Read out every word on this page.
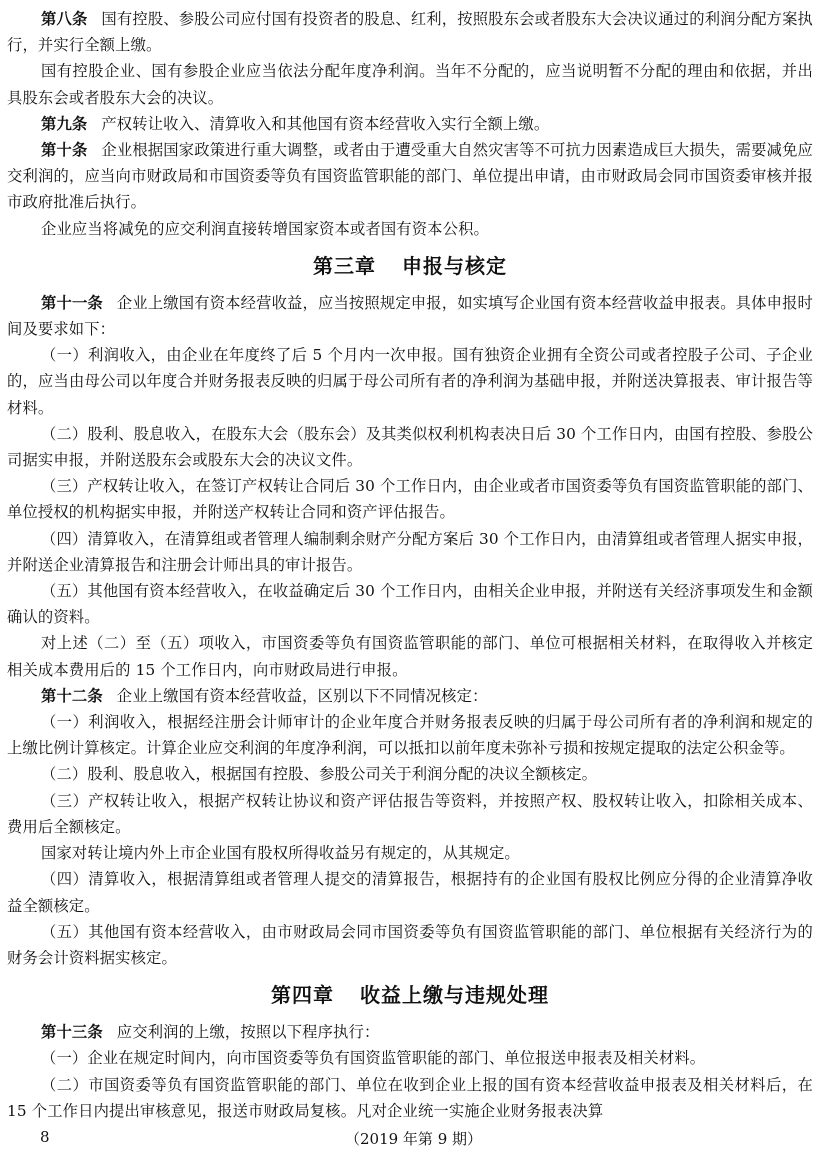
第八条 国有控股、参股公司应付国有投资者的股息、红利，按照股东会或者股东大会决议通过的利润分配方案执行，并实行全额上缴。

国有控股企业、国有参股企业应当依法分配年度净利润。当年不分配的，应当说明暂不分配的理由和依据，并出具股东会或者股东大会的决议。

第九条 产权转让收入、清算收入和其他国有资本经营收入实行全额上缴。

第十条 企业根据国家政策进行重大调整，或者由于遭受重大自然灾害等不可抗力因素造成巨大损失，需要减免应交利润的，应当向市财政局和市国资委等负有国资监管职能的部门、单位提出申请，由市财政局会同市国资委审核并报市政府批准后执行。

企业应当将减免的应交利润直接转增国家资本或者国有资本公积。

第三章 申报与核定

第十一条 企业上缴国有资本经营收益，应当按照规定申报，如实填写企业国有资本经营收益申报表。具体申报时间及要求如下：

（一）利润收入，由企业在年度终了后 5 个月内一次申报。国有独资企业拥有全资公司或者控股子公司、子企业的，应当由母公司以年度合并财务报表反映的归属于母公司所有者的净利润为基础申报，并附送决算报表、审计报告等材料。

（二）股利、股息收入，在股东大会（股东会）及其类似权利机构表决日后 30 个工作日内，由国有控股、参股公司据实申报，并附送股东会或股东大会的决议文件。

（三）产权转让收入，在签订产权转让合同后 30 个工作日内，由企业或者市国资委等负有国资监管职能的部门、单位授权的机构据实申报，并附送产权转让合同和资产评估报告。

（四）清算收入，在清算组或者管理人编制剩余财产分配方案后 30 个工作日内，由清算组或者管理人据实申报，并附送企业清算报告和注册会计师出具的审计报告。

（五）其他国有资本经营收入，在收益确定后 30 个工作日内，由相关企业申报，并附送有关经济事项发生和金额确认的资料。

对上述（二）至（五）项收入，市国资委等负有国资监管职能的部门、单位可根据相关材料，在取得收入并核定相关成本费用后的 15 个工作日内，向市财政局进行申报。

第十二条 企业上缴国有资本经营收益，区别以下不同情况核定：

（一）利润收入，根据经注册会计师审计的企业年度合并财务报表反映的归属于母公司所有者的净利润和规定的上缴比例计算核定。计算企业应交利润的年度净利润，可以抵扣以前年度未弥补亏损和按规定提取的法定公积金等。

（二）股利、股息收入，根据国有控股、参股公司关于利润分配的决议全额核定。

（三）产权转让收入，根据产权转让协议和资产评估报告等资料，并按照产权、股权转让收入，扣除相关成本、费用后全额核定。

国家对转让境内外上市企业国有股权所得收益另有规定的，从其规定。

（四）清算收入，根据清算组或者管理人提交的清算报告，根据持有的企业国有股权比例应分得的企业清算净收益全额核定。

（五）其他国有资本经营收入，由市财政局会同市国资委等负有国资监管职能的部门、单位根据有关经济行为的财务会计资料据实核定。

第四章 收益上缴与违规处理

第十三条 应交利润的上缴，按照以下程序执行：

（一）企业在规定时间内，向市国资委等负有国资监管职能的部门、单位报送申报表及相关材料。

（二）市国资委等负有国资监管职能的部门、单位在收到企业上报的国有资本经营收益申报表及相关材料后，在 15 个工作日内提出审核意见，报送市财政局复核。凡对企业统一实施企业财务报表决算

8	（2019 年第 9 期）
